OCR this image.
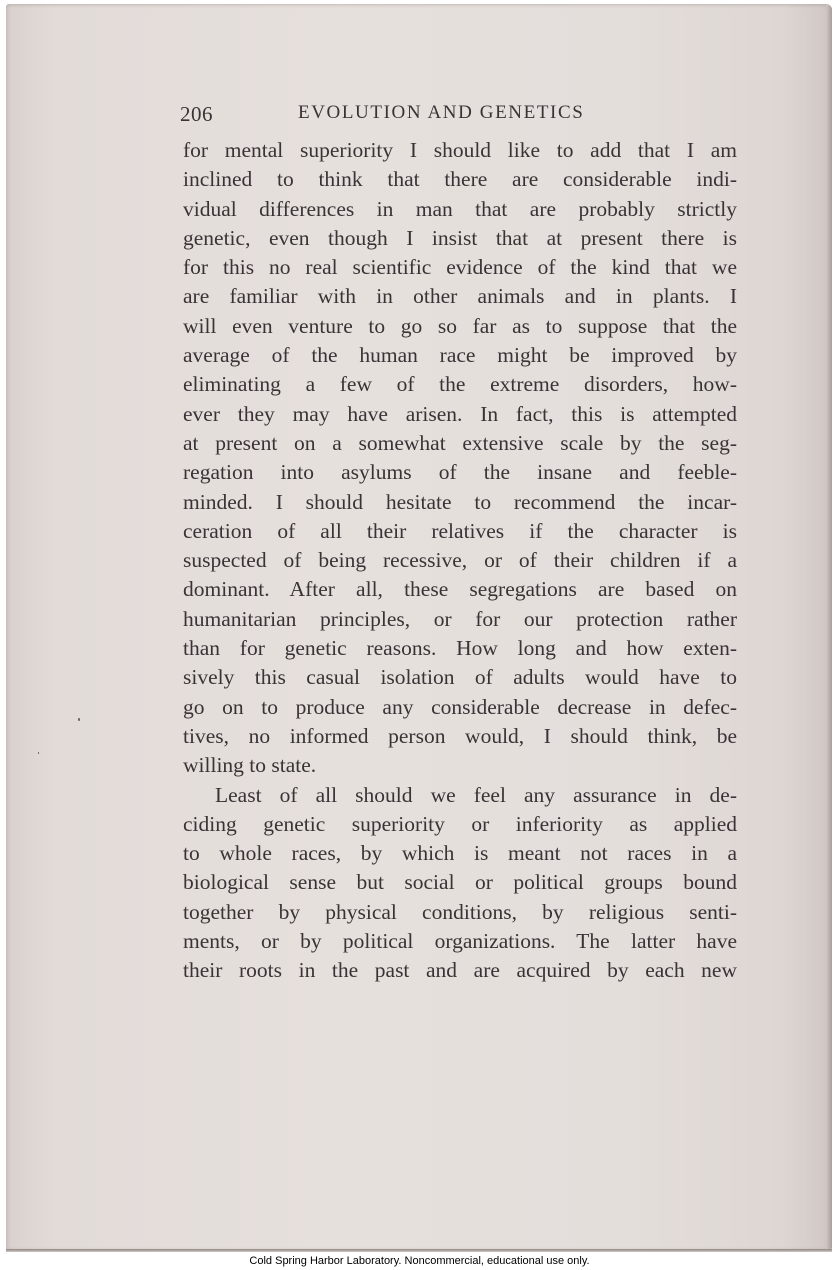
206	EVOLUTION AND GENETICS
for mental superiority I should like to add that I am
inclined to think that there are considerable indi-
vidual differences in man that are probably strictly
genetic, even though I insist that at present there is
for this no real scientific evidence of the kind that we
are familiar with in other animals and in plants. I
will even venture to go so far as to suppose that the
average of the human race might be improved by
eliminating a few of the extreme disorders, how-
ever they may have arisen. In fact, this is attempted
at present on a somewhat extensive scale by the seg-
regation into asylums of the insane and feeble-
minded. I should hesitate to recommend the incar-
ceration of all their relatives if the character is
suspected of being recessive, or of their children if a
dominant. After all, these segregations are based on
humanitarian principles, or for our protection rather
than for genetic reasons. How long and how exten-
sively this casual isolation of adults would have to
go on to produce any considerable decrease in defec-
tives, no informed person would, I should think, be
willing to state.
Least of all should we feel any assurance in de-
ciding genetic superiority or inferiority as applied
to whole races, by which is meant not races in a
biological sense but social or political groups bound
together by physical conditions, by religious senti-
ments, or by political organizations. The latter have
their roots in the past and are acquired by each new
Cold Spring Harbor Laboratory. Noncommercial, educational use only.
